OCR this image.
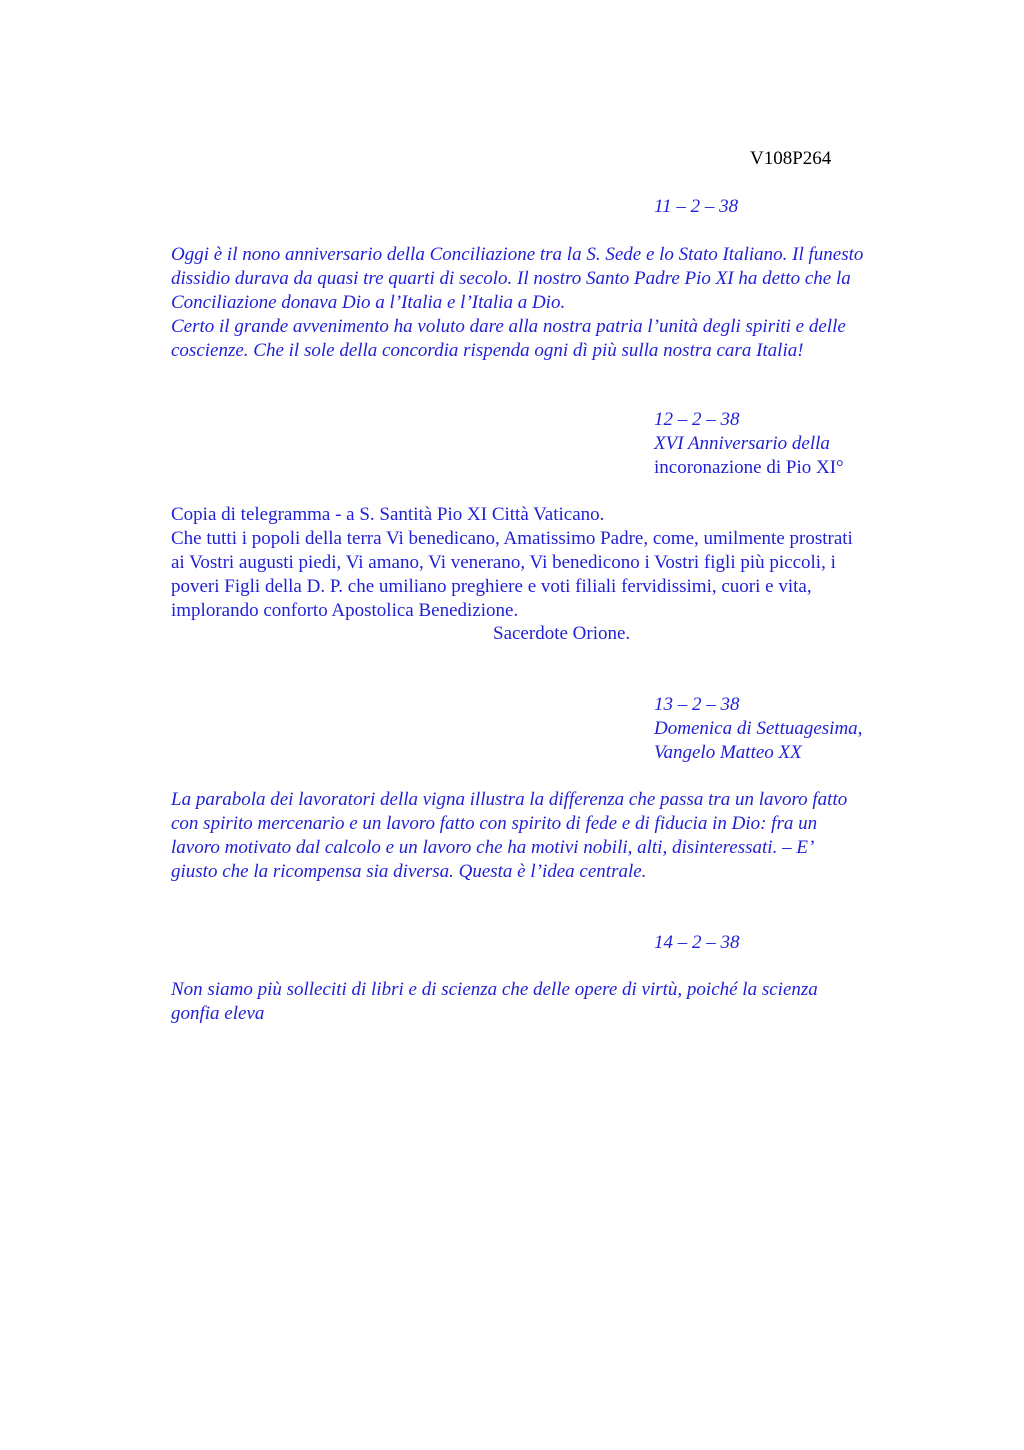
V108P264
11 – 2 – 38
Oggi è il nono anniversario della Conciliazione tra la S. Sede e lo Stato Italiano. Il funesto
dissidio durava da quasi tre quarti di secolo. Il nostro Santo Padre Pio XI ha detto che la
Conciliazione donava Dio a l’Italia e l’Italia a Dio.
Certo il grande avvenimento ha voluto dare alla nostra patria l’unità degli spiriti e delle
coscienze. Che il sole della concordia rispenda ogni dì più sulla nostra cara Italia!
12 – 2 – 38
XVI Anniversario della
incoronazione di Pio XI°
Copia di telegramma - a S. Santità Pio XI Città Vaticano.
Che tutti i popoli della terra Vi benedicano, Amatissimo Padre, come, umilmente prostrati
ai Vostri augusti piedi, Vi amano, Vi venerano, Vi benedicono i Vostri figli più piccoli, i
poveri Figli della D. P. che umiliano preghiere e voti filiali fervidissimi, cuori e vita,
implorando conforto Apostolica Benedizione.
Sacerdote Orione.
13 – 2 – 38
Domenica di Settuagesima,
Vangelo Matteo XX
La parabola dei lavoratori della vigna illustra la differenza che passa tra un lavoro fatto
con spirito mercenario e un lavoro fatto con spirito di fede e di fiducia in Dio: fra un
lavoro motivato dal calcolo e un lavoro che ha motivi nobili, alti, disinteressati. – E’
giusto che la ricompensa sia diversa. Questa è l’idea centrale.
14 – 2 – 38
Non siamo più solleciti di libri e di scienza che delle opere di virtù, poiché la scienza
gonfia eleva
